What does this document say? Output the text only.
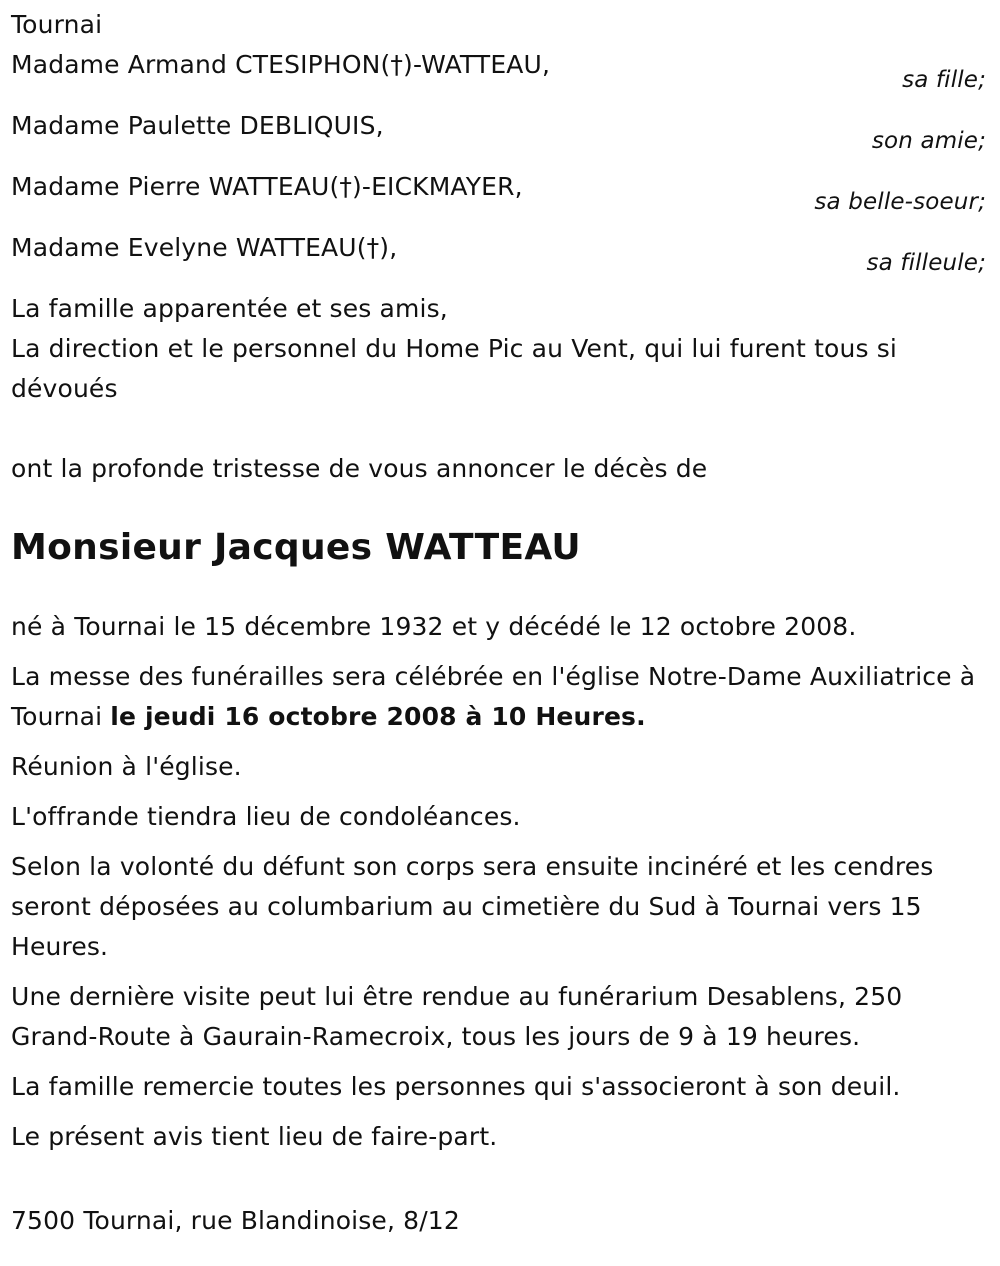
Tournai

Madame Armand CTESIPHON(†)-WATTEAU,

sa fille;

Madame Paulette DEBLIQUIS,

son amie;

Madame Pierre WATTEAU(†)-EICKMAYER,

sa belle-soeur;

Madame Evelyne WATTEAU(†),

sa filleule;

La famille apparentée et ses amis,

La direction et le personnel du Home Pic au Vent, qui lui furent tous si dévoués

ont la profonde tristesse de vous annoncer le décès de

Monsieur Jacques WATTEAU

né à Tournai le 15 décembre 1932 et y décédé le 12 octobre 2008.

La messe des funérailles sera célébrée en l'église Notre-Dame Auxiliatrice à Tournai le jeudi 16 octobre 2008 à 10 Heures.

Réunion à l'église.

L'offrande tiendra lieu de condoléances.

Selon la volonté du défunt son corps sera ensuite incinéré et les cendres seront déposées au columbarium au cimetière du Sud à Tournai vers 15 Heures.

Une dernière visite peut lui être rendue au funérarium Desablens, 250 Grand-Route à Gaurain-Ramecroix, tous les jours de 9 à 19 heures.

La famille remercie toutes les personnes qui s'associeront à son deuil.

Le présent avis tient lieu de faire-part.

7500 Tournai, rue Blandinoise, 8/12
